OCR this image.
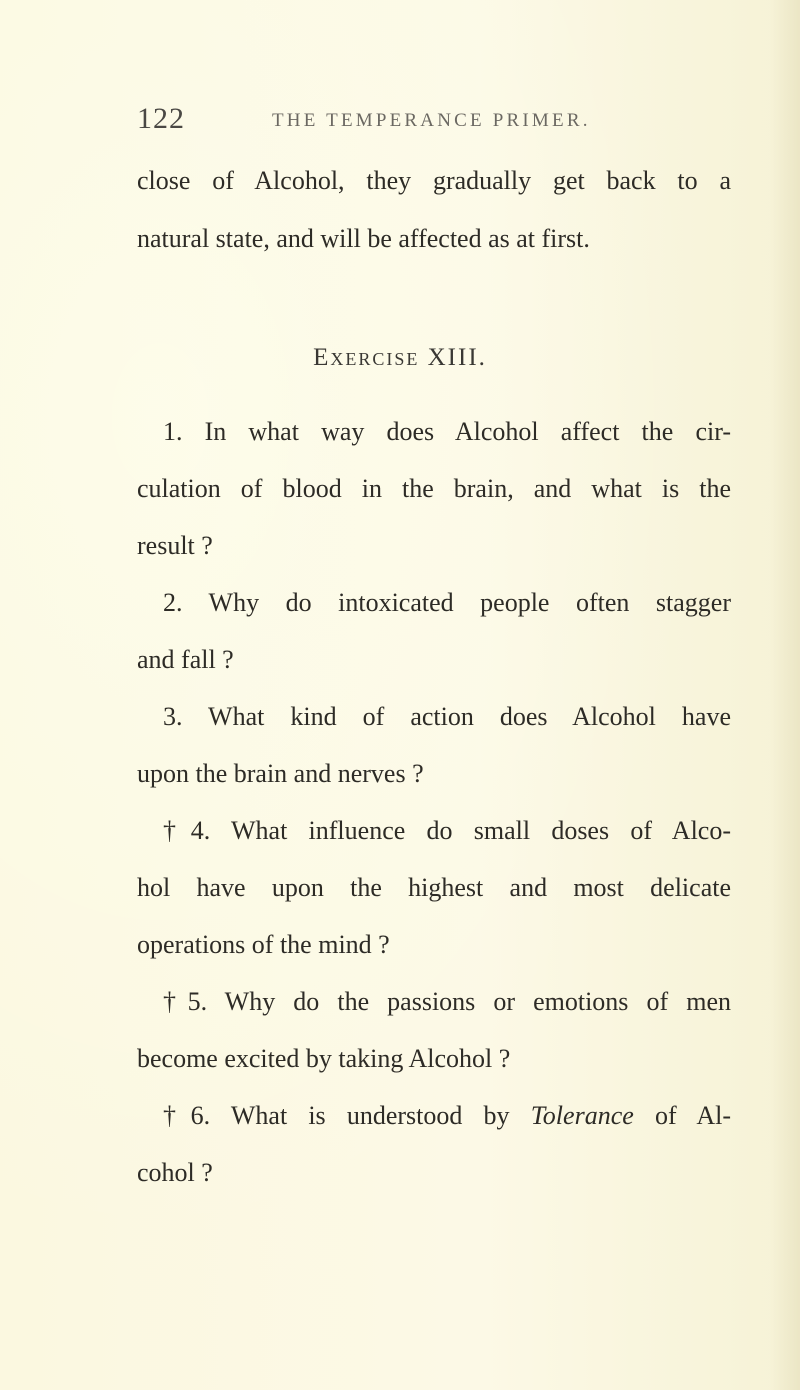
122	THE TEMPERANCE PRIMER.
close of Alcohol, they gradually get back to a
natural state, and will be affected as at first.
Exercise XIII.
1. In what way does Alcohol affect the cir-
culation of blood in the brain, and what is the
result ?
2. Why do intoxicated people often stagger
and fall ?
3. What kind of action does Alcohol have
upon the brain and nerves ?
†4. What influence do small doses of Alco-
hol have upon the highest and most delicate
operations of the mind ?
†5. Why do the passions or emotions of men
become excited by taking Alcohol ?
†6. What is understood by Tolerance of Al-
cohol ?
